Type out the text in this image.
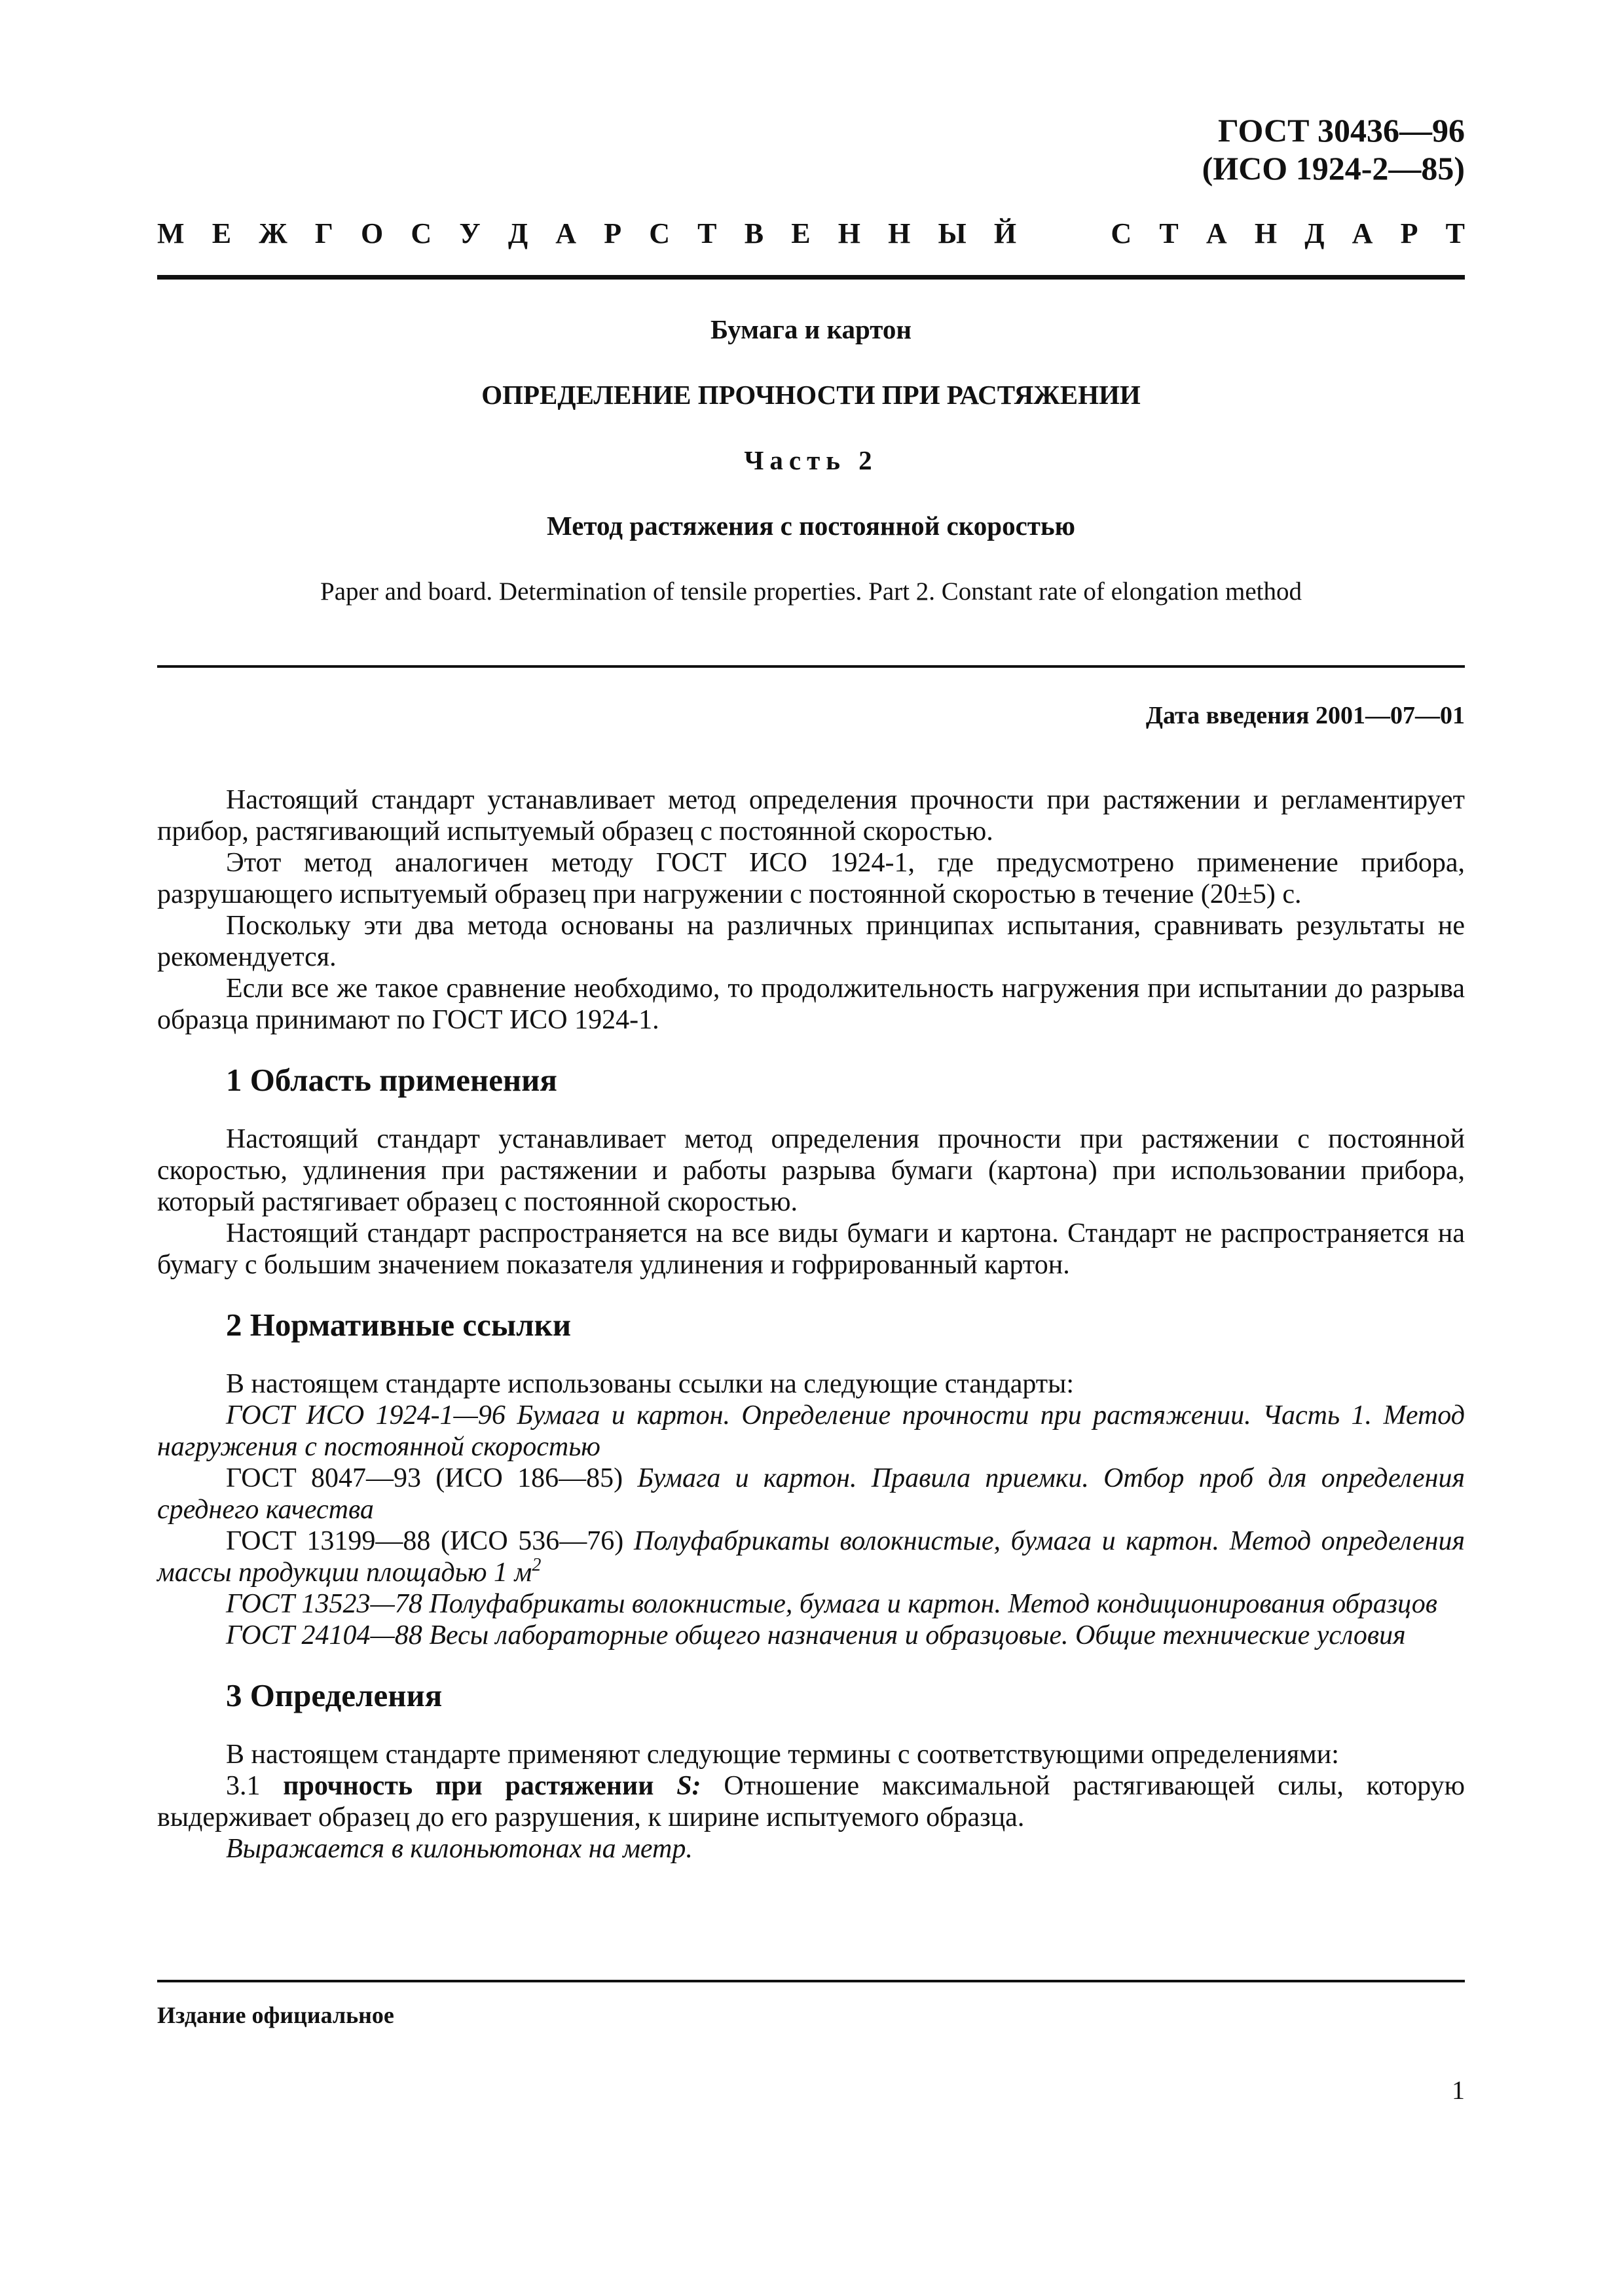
ГОСТ 30436—96
(ИСО 1924-2—85)
М Е Ж Г О С У Д А Р С Т В Е Н Н Ы Й	С Т А Н Д А Р Т
Бумага и картон
ОПРЕДЕЛЕНИЕ ПРОЧНОСТИ ПРИ РАСТЯЖЕНИИ
Часть 2
Метод растяжения с постоянной скоростью
Paper and board. Determination of tensile properties. Part 2. Constant rate of elongation method
Дата введения 2001—07—01

Настоящий стандарт устанавливает метод определения прочности при растяжении и регламентирует прибор, растягивающий испытуемый образец с постоянной скоростью.

Этот метод аналогичен методу ГОСТ ИСО 1924-1, где предусмотрено применение прибора, разрушающего испытуемый образец при нагружении с постоянной скоростью в течение (20±5) с.

Поскольку эти два метода основаны на различных принципах испытания, сравнивать результаты не рекомендуется.

Если все же такое сравнение необходимо, то продолжительность нагружения при испытании до разрыва образца принимают по ГОСТ ИСО 1924-1.

1 Область применения

Настоящий стандарт устанавливает метод определения прочности при растяжении с постоянной скоростью, удлинения при растяжении и работы разрыва бумаги (картона) при использовании прибора, который растягивает образец с постоянной скоростью.

Настоящий стандарт распространяется на все виды бумаги и картона. Стандарт не распространяется на бумагу с большим значением показателя удлинения и гофрированный картон.

2 Нормативные ссылки

В настоящем стандарте использованы ссылки на следующие стандарты:

ГОСТ ИСО 1924-1—96 Бумага и картон. Определение прочности при растяжении. Часть 1. Метод нагружения с постоянной скоростью

ГОСТ 8047—93 (ИСО 186—85) Бумага и картон. Правила приемки. Отбор проб для определения среднего качества

ГОСТ 13199—88 (ИСО 536—76) Полуфабрикаты волокнистые, бумага и картон. Метод определения массы продукции площадью 1 $м^2$

ГОСТ 13523—78 Полуфабрикаты волокнистые, бумага и картон. Метод кондиционирования образцов

ГОСТ 24104—88 Весы лабораторные общего назначения и образцовые. Общие технические условия

3 Определения

В настоящем стандарте применяют следующие термины с соответствующими определениями:

3.1 прочность при растяжении S: Отношение максимальной растягивающей силы, которую выдерживает образец до его разрушения, к ширине испытуемого образца.

Выражается в килоньютонах на метр.

Издание официальное
1
